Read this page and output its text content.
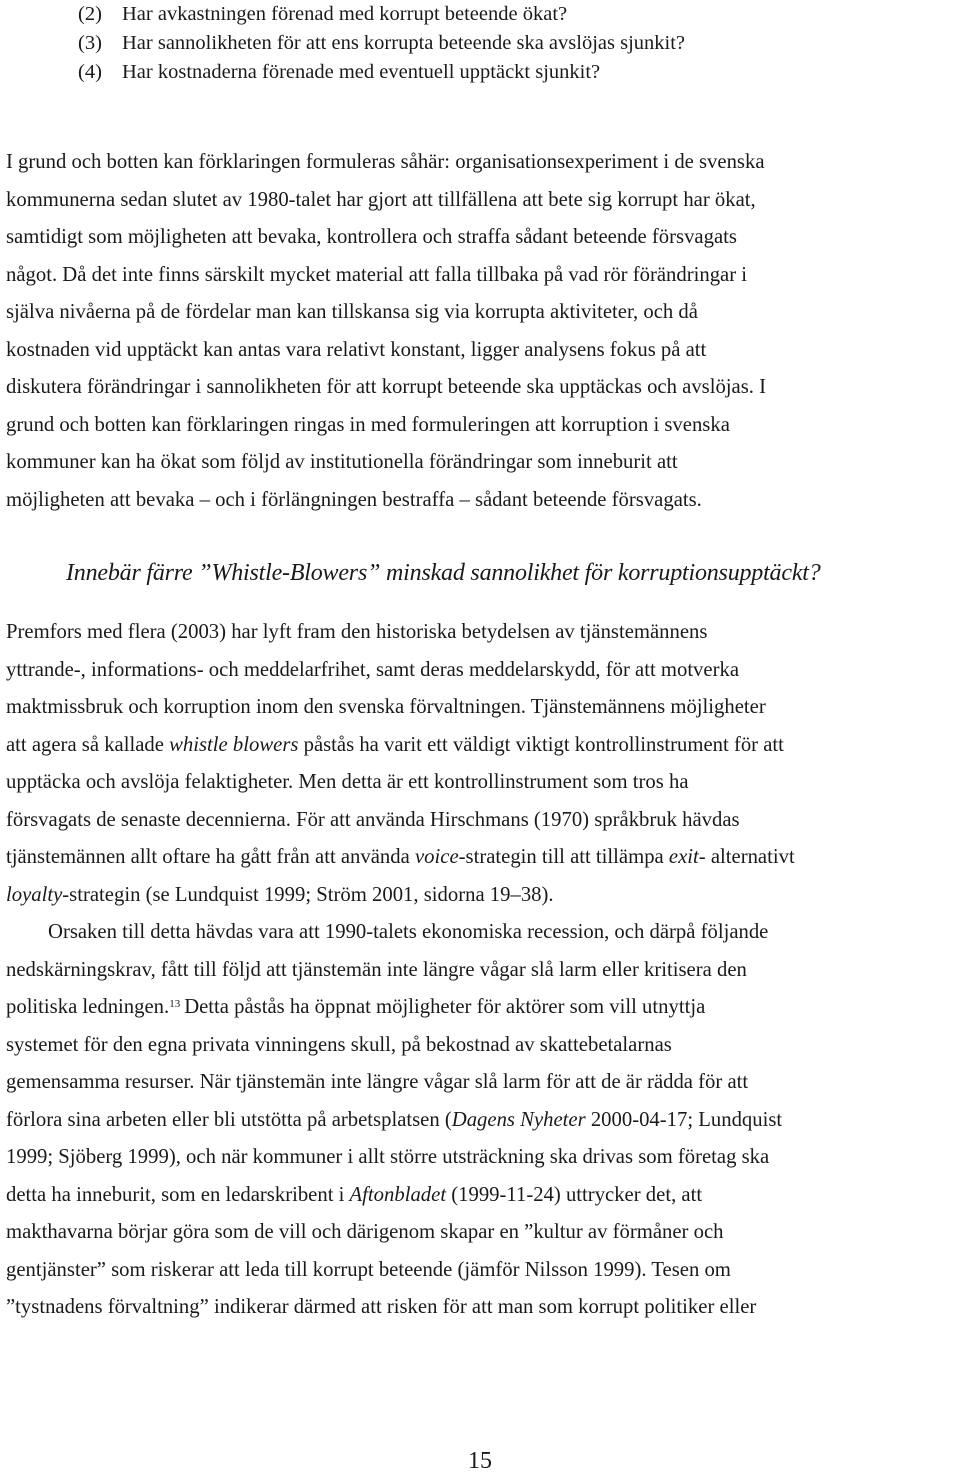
(2) Har avkastningen förenad med korrupt beteende ökat?
(3) Har sannolikheten för att ens korrupta beteende ska avslöjas sjunkit?
(4) Har kostnaderna förenade med eventuell upptäckt sjunkit?
I grund och botten kan förklaringen formuleras såhär: organisationsexperiment i de svenska
kommunerna sedan slutet av 1980-talet har gjort att tillfällena att bete sig korrupt har ökat,
samtidigt som möjligheten att bevaka, kontrollera och straffa sådant beteende försvagats
något. Då det inte finns särskilt mycket material att falla tillbaka på vad rör förändringar i
själva nivåerna på de fördelar man kan tillskansa sig via korrupta aktiviteter, och då
kostnaden vid upptäckt kan antas vara relativt konstant, ligger analysens fokus på att
diskutera förändringar i sannolikheten för att korrupt beteende ska upptäckas och avslöjas. I
grund och botten kan förklaringen ringas in med formuleringen att korruption i svenska
kommuner kan ha ökat som följd av institutionella förändringar som inneburit att
möjligheten att bevaka – och i förlängningen bestraffa – sådant beteende försvagats.
Innebär färre ”Whistle-Blowers” minskad sannolikhet för korruptionsupptäckt?
Premfors med flera (2003) har lyft fram den historiska betydelsen av tjänstemännens
yttrande-, informations- och meddelarfrihet, samt deras meddelarskydd, för att motverka
maktmissbruk och korruption inom den svenska förvaltningen. Tjänstemännens möjligheter
att agera så kallade whistle blowers påstås ha varit ett väldigt viktigt kontrollinstrument för att
upptäcka och avslöja felaktigheter. Men detta är ett kontrollinstrument som tros ha
försvagats de senaste decennierna. För att använda Hirschmans (1970) språkbruk hävdas
tjänstemännen allt oftare ha gått från att använda voice-strategin till att tillämpa exit- alternativt
loyalty-strategin (se Lundquist 1999; Ström 2001, sidorna 19–38).
Orsaken till detta hävdas vara att 1990-talets ekonomiska recession, och därpå följande
nedskärningskrav, fått till följd att tjänstemän inte längre vågar slå larm eller kritisera den
politiska ledningen.$^{13}$ Detta påstås ha öppnat möjligheter för aktörer som vill utnyttja
systemet för den egna privata vinningens skull, på bekostnad av skattebetalarnas
gemensamma resurser. När tjänstemän inte längre vågar slå larm för att de är rädda för att
förlora sina arbeten eller bli utstötta på arbetsplatsen (Dagens Nyheter 2000-04-17; Lundquist
1999; Sjöberg 1999), och när kommuner i allt större utsträckning ska drivas som företag ska
detta ha inneburit, som en ledarskribent i Aftonbladet (1999-11-24) uttrycker det, att
makthavarna börjar göra som de vill och därigenom skapar en ”kultur av förmåner och
gentjänster” som riskerar att leda till korrupt beteende (jämför Nilsson 1999). Tesen om
”tystnadens förvaltning” indikerar därmed att risken för att man som korrupt politiker eller
15
